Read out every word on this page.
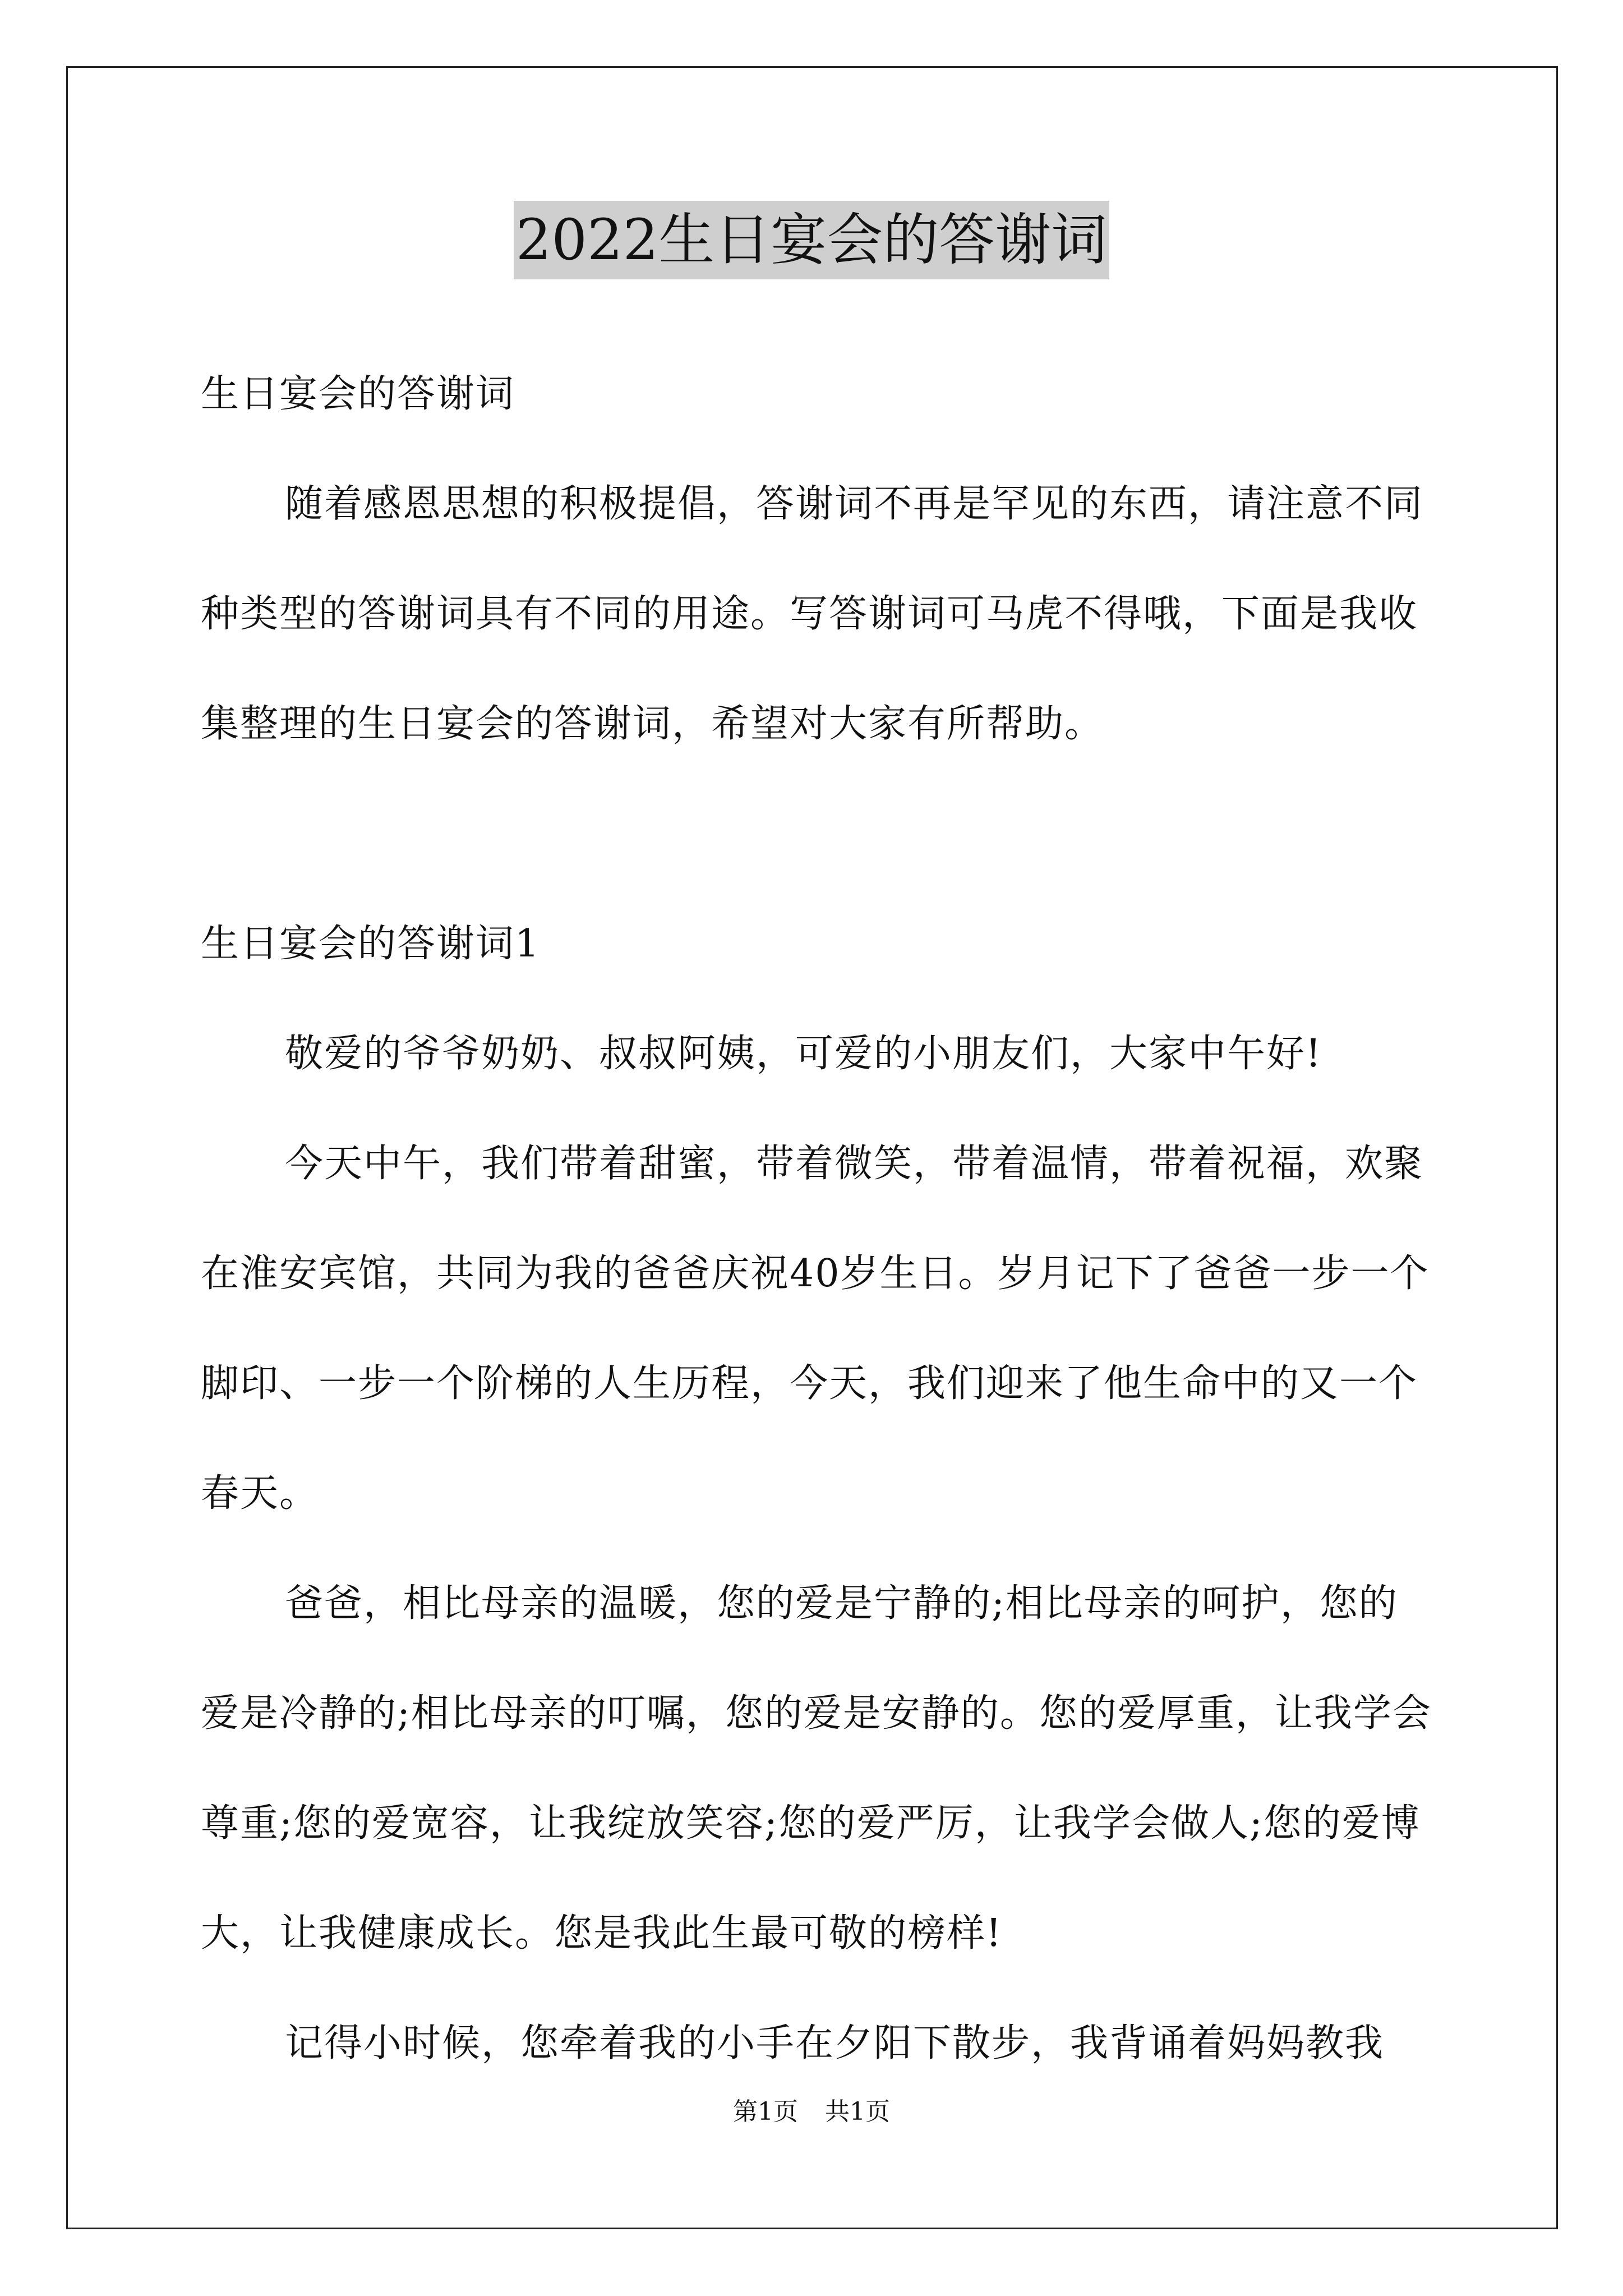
2022生日宴会的答谢词

生日宴会的答谢词

随着感恩思想的积极提倡，答谢词不再是罕见的东西，请注意不同种类型的答谢词具有不同的用途。写答谢词可马虎不得哦，下面是我收集整理的生日宴会的答谢词，希望对大家有所帮助。

生日宴会的答谢词1

敬爱的爷爷奶奶、叔叔阿姨，可爱的小朋友们，大家中午好!

今天中午，我们带着甜蜜，带着微笑，带着温情，带着祝福，欢聚在淮安宾馆，共同为我的爸爸庆祝40岁生日。岁月记下了爸爸一步一个脚印、一步一个阶梯的人生历程，今天，我们迎来了他生命中的又一个春天。

爸爸，相比母亲的温暖，您的爱是宁静的;相比母亲的呵护，您的爱是冷静的;相比母亲的叮嘱，您的爱是安静的。您的爱厚重，让我学会尊重;您的爱宽容，让我绽放笑容;您的爱严厉，让我学会做人;您的爱博大，让我健康成长。您是我此生最可敬的榜样!

记得小时候，您牵着我的小手在夕阳下散步，我背诵着妈妈教我

第1页 共1页
